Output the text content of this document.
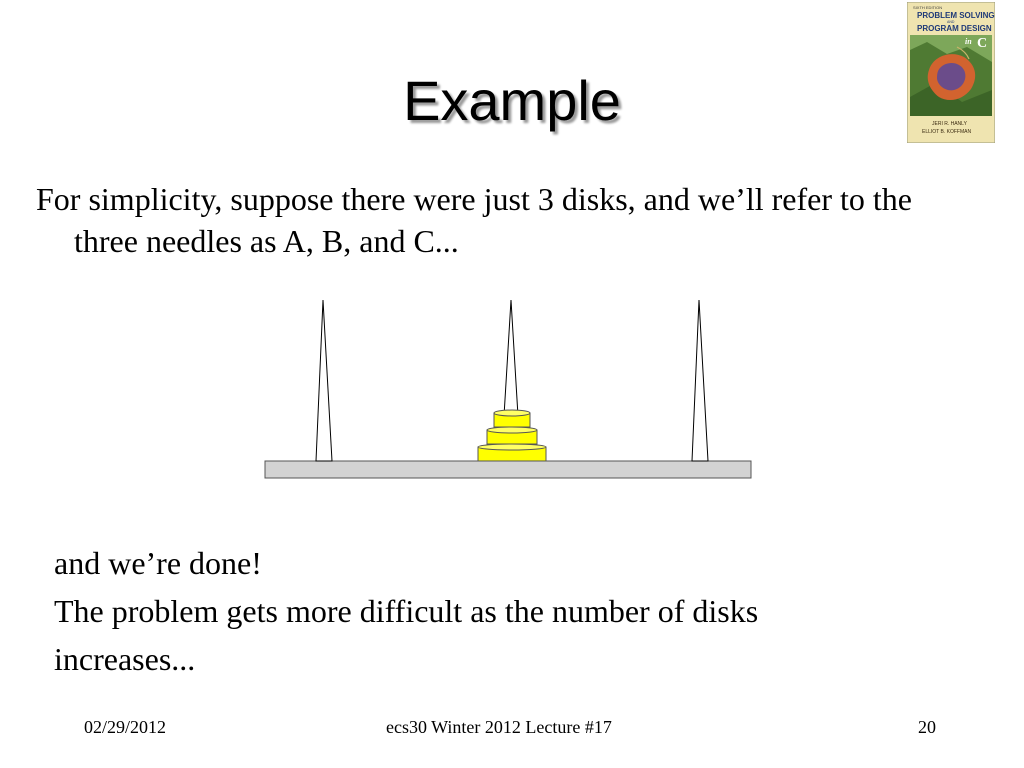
Example
For simplicity, suppose there were just 3 disks, and we’ll refer to the three needles as A, B, and C...
and we’re done!
The problem gets more difficult as the number of disks
increases...
02/29/2012	ecs30 Winter 2012 Lecture #17	20
SIXTH EDITION
PROBLEM SOLVING
AND
PROGRAM DESIGN
in C
JERI R. HANLY
ELLIOT B. KOFFMAN
